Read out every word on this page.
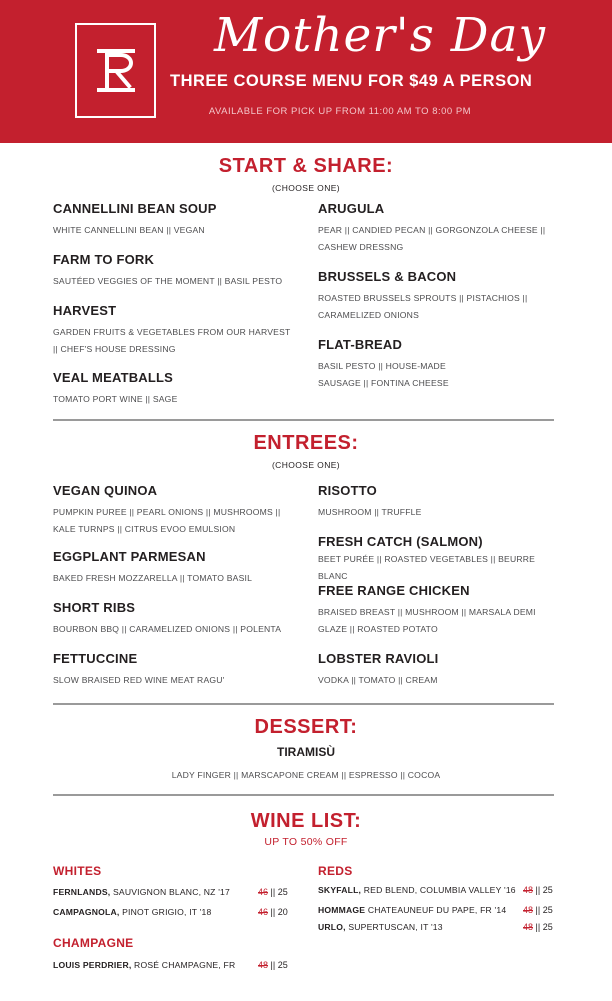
Mother's Day
THREE COURSE MENU FOR $49 A PERSON
AVAILABLE FOR PICK UP FROM 11:00 AM TO 8:00 PM
START & SHARE:
(CHOOSE ONE)
CANNELLINI BEAN SOUP
WHITE CANNELLINI BEAN || VEGAN
FARM TO FORK
SAUTÉED VEGGIES OF THE MOMENT || BASIL PESTO
HARVEST
GARDEN FRUITS & VEGETABLES FROM OUR HARVEST || CHEF'S HOUSE DRESSING
VEAL MEATBALLS
TOMATO PORT WINE || SAGE
ARUGULA
PEAR || CANDIED PECAN || GORGONZOLA CHEESE || CASHEW DRESSNG
BRUSSELS & BACON
ROASTED BRUSSELS SPROUTS || PISTACHIOS || CARAMELIZED ONIONS
FLAT-BREAD
BASIL PESTO || HOUSE-MADE SAUSAGE || FONTINA CHEESE
ENTREES:
(CHOOSE ONE)
VEGAN QUINOA
PUMPKIN PUREE || PEARL ONIONS || MUSHROOMS || KALE TURNPS || CITRUS EVOO EMULSION
EGGPLANT PARMESAN
BAKED FRESH MOZZARELLA || TOMATO BASIL
SHORT RIBS
BOURBON BBQ || CARAMELIZED ONIONS || POLENTA
FETTUCCINE
SLOW BRAISED RED WINE MEAT RAGU'
RISOTTO
MUSHROOM || TRUFFLE
FRESH CATCH (SALMON)
BEET PURÉE || ROASTED VEGETABLES || BEURRE BLANC
FREE RANGE CHICKEN
BRAISED BREAST || MUSHROOM || MARSALA DEMI GLAZE || ROASTED POTATO
LOBSTER RAVIOLI
VODKA || TOMATO || CREAM
DESSERT:
TIRAMISÙ
LADY FINGER || MARSCAPONE CREAM || ESPRESSO || COCOA
WINE LIST:
UP TO 50% OFF
WHITES
FERNLANDS, SAUVIGNON BLANC, NZ '17	46 || 25
CAMPAGNOLA, PINOT GRIGIO, IT '18	46 || 20
CHAMPAGNE
LOUIS PERDRIER, ROSÉ CHAMPAGNE, FR	48 || 25
REDS
SKYFALL, RED BLEND, COLUMBIA VALLEY '16 48 || 25
HOMMAGE CHATEAUNEUF DU PAPE, FR '14 48 || 25
URLO, SUPERTUSCAN, IT '13	48 || 25
